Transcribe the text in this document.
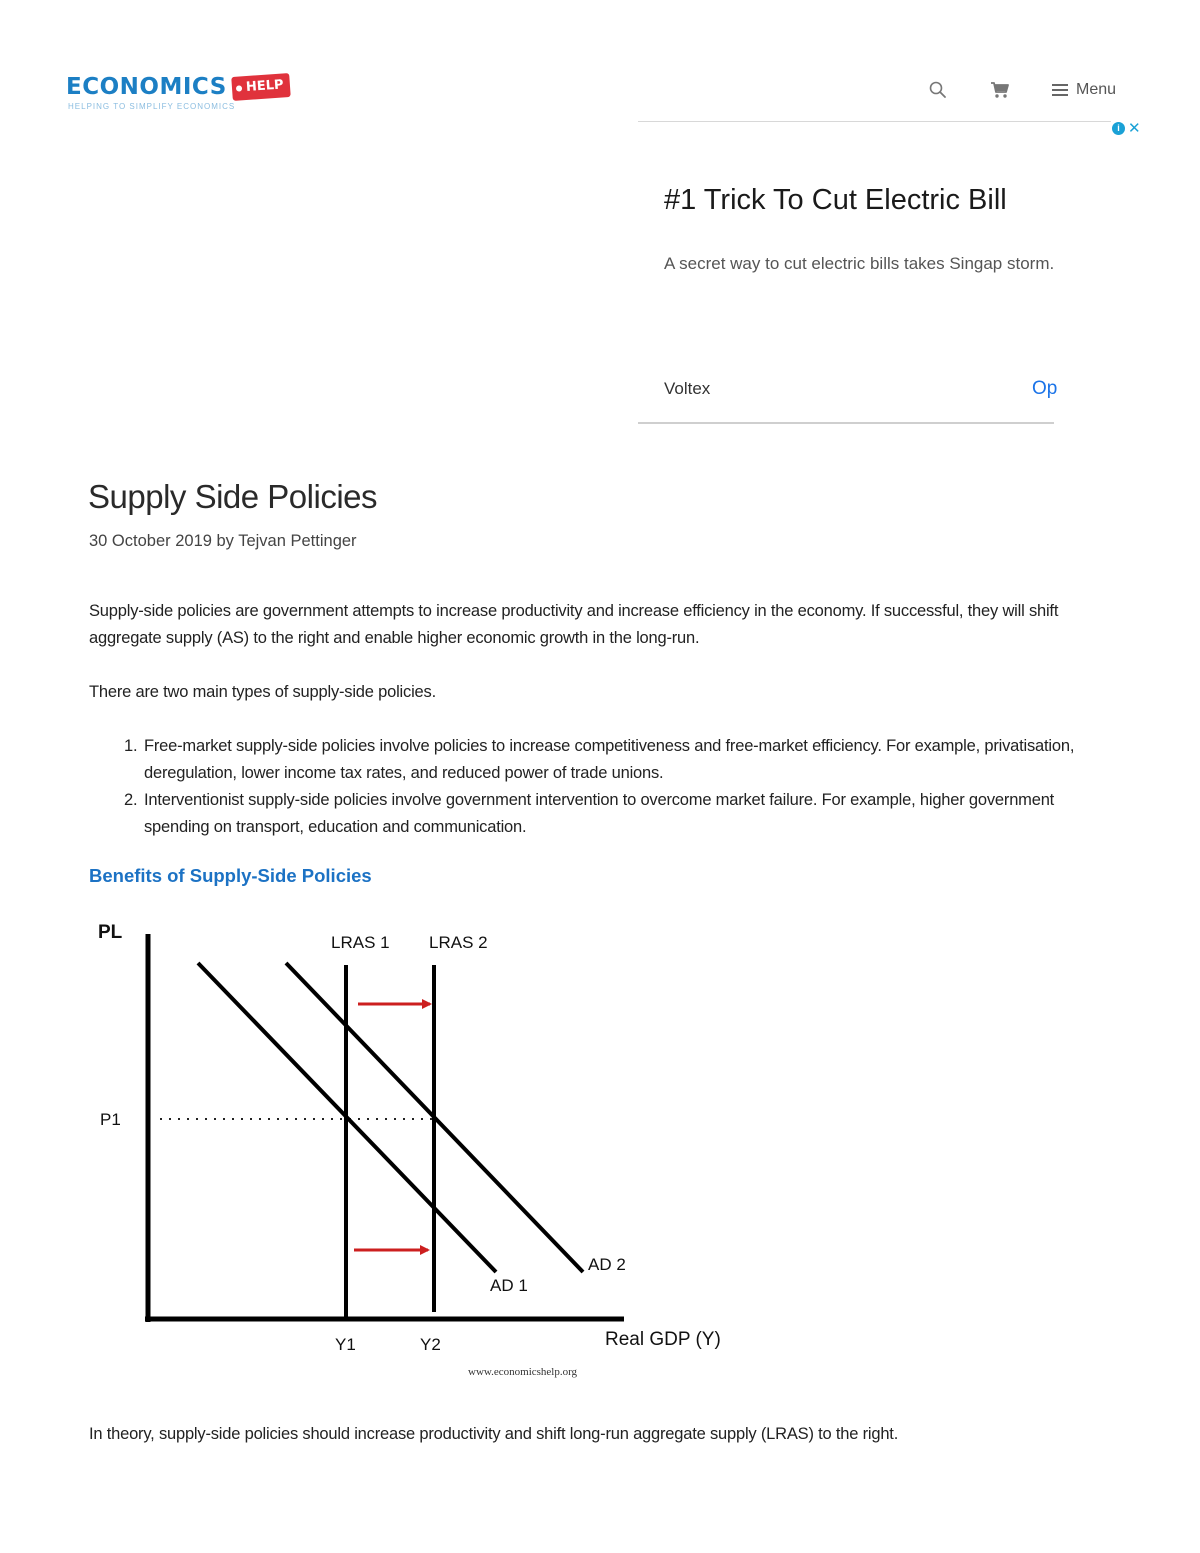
ECONOMICS	HELP
HELPING TO SIMPLIFY ECONOMICS
Menu
i ✕
#1 Trick To Cut Electric Bill
A secret way to cut electric bills takes Singap storm.
Voltex	Op
Supply Side Policies
30 October 2019 by Tejvan Pettinger

Supply-side policies are government attempts to increase productivity and increase efficiency in the economy. If successful, they will shift aggregate supply (AS) to the right and enable higher economic growth in the long-run.

There are two main types of supply-side policies.

1. Free-market supply-side policies involve policies to increase competitiveness and free-market efficiency. For example, privatisation, deregulation, lower income tax rates, and reduced power of trade unions.
2. Interventionist supply-side policies involve government intervention to overcome market failure. For example, higher government spending on transport, education and communication.
Benefits of Supply-Side Policies
PL
Real GDP (Y)
P1
LRAS 1 LRAS 2
AD 1
AD 2
Y1	Y2
www.economicshelp.org

In theory, supply-side policies should increase productivity and shift long-run aggregate supply (LRAS) to the right.
